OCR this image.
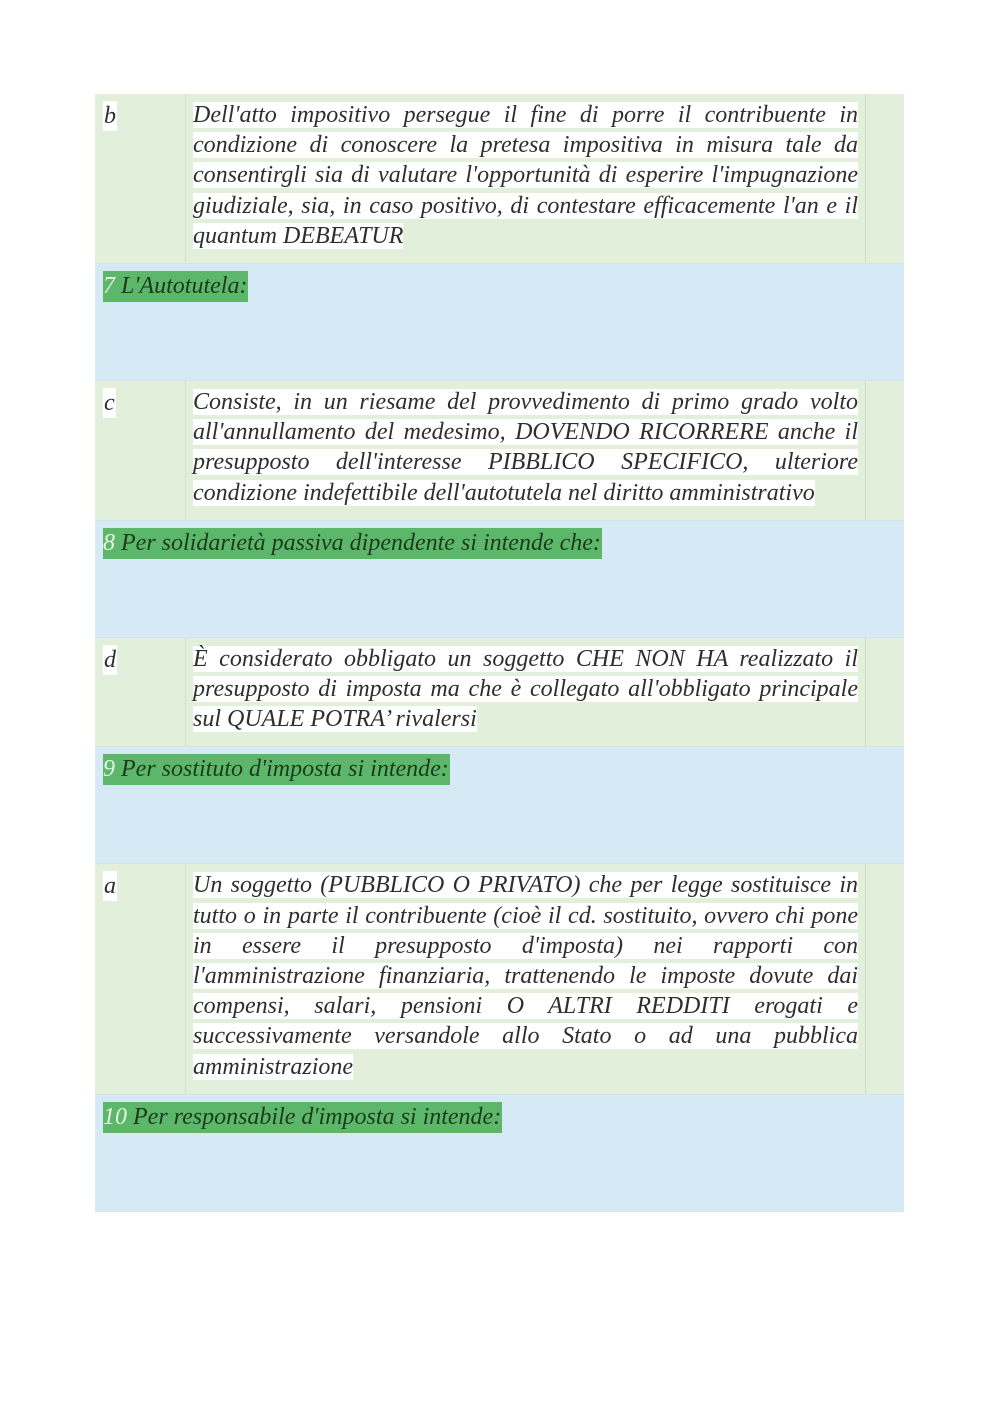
b	Dell'atto impositivo persegue il fine di porre il contribuente in condizione di conoscere la pretesa impositiva in misura tale da consentirgli sia di valutare l'opportunità di esperire l'impugnazione giudiziale, sia, in caso positivo, di contestare efficacemente l'an e il quantum DEBEATUR
7 L'Autotutela:
c	Consiste, in un riesame del provvedimento di primo grado volto all'annullamento del medesimo, DOVENDO RICORRERE anche il presupposto dell'interesse PIBBLICO SPECIFICO, ulteriore condizione indefettibile dell'autotutela nel diritto amministrativo
8 Per solidarietà passiva dipendente si intende che:
d	È considerato obbligato un soggetto CHE NON HA realizzato il presupposto di imposta ma che è collegato all'obbligato principale sul QUALE POTRA’ rivalersi
9 Per sostituto d'imposta si intende:
a	Un soggetto (PUBBLICO O PRIVATO) che per legge sostituisce in tutto o in parte il contribuente (cioè il cd. sostituito, ovvero chi pone in essere il presupposto d'imposta) nei rapporti con l'amministrazione finanziaria, trattenendo le imposte dovute dai compensi, salari, pensioni O ALTRI REDDITI erogati e successivamente versandole allo Stato o ad una pubblica amministrazione
10 Per responsabile d'imposta si intende:
